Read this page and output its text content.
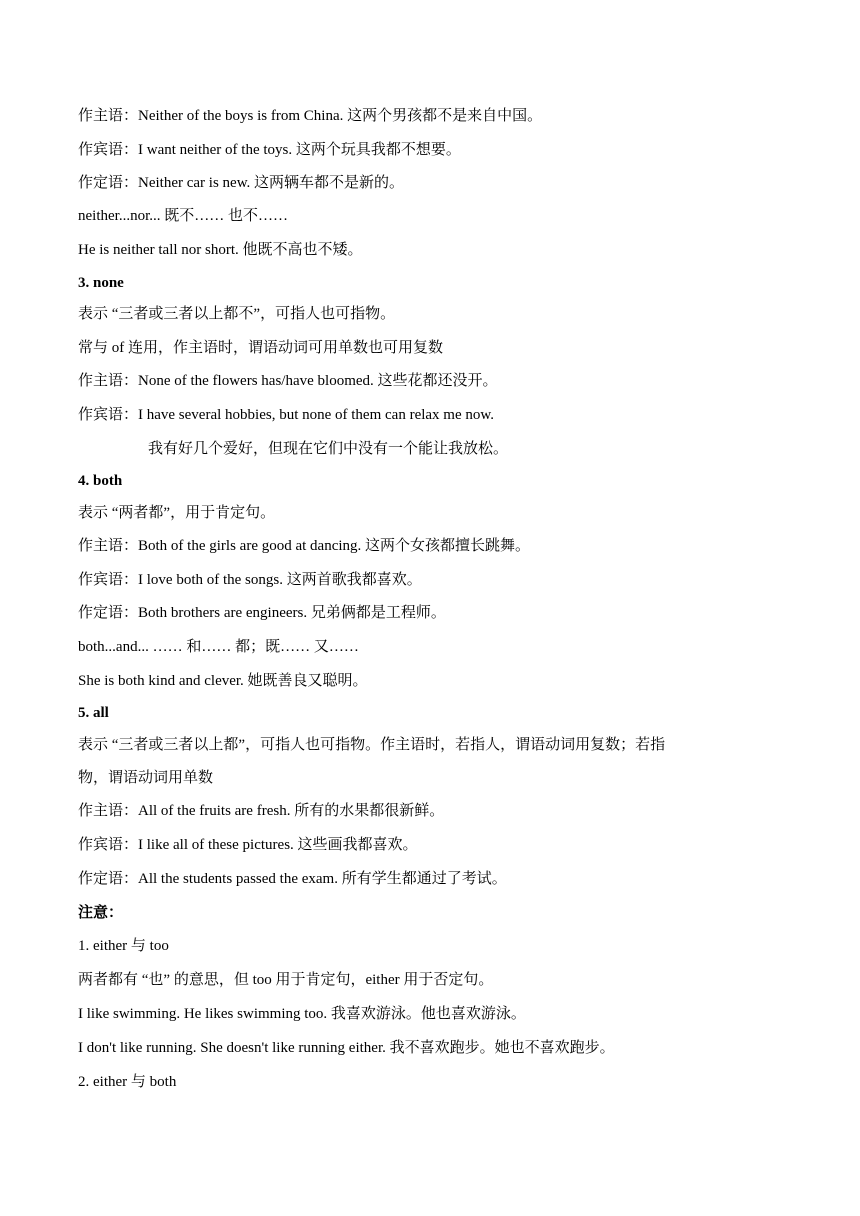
作主语：Neither of the boys is from China. 这两个男孩都不是来自中国。
作宾语：I want neither of the toys. 这两个玩具我都不想要。
作定语：Neither car is new. 这两辆车都不是新的。
neither...nor... 既不…… 也不……
He is neither tall nor short. 他既不高也不矮。
3. none
表示 “三者或三者以上都不”，可指人也可指物。
常与 of 连用，作主语时，谓语动词可用单数也可用复数
作主语：None of the flowers has/have bloomed. 这些花都还没开。
作宾语：I have several hobbies, but none of them can relax me now.
我有好几个爱好，但现在它们中没有一个能让我放松。
4. both
表示 “两者都”，用于肯定句。
作主语：Both of the girls are good at dancing. 这两个女孩都擅长跳舞。
作宾语：I love both of the songs. 这两首歌我都喜欢。
作定语：Both brothers are engineers. 兄弟俩都是工程师。
both...and... …… 和…… 都；既…… 又……
She is both kind and clever. 她既善良又聪明。
5. all
表示 “三者或三者以上都”，可指人也可指物。作主语时，若指人，谓语动词用复数；若指
物，谓语动词用单数
作主语：All of the fruits are fresh. 所有的水果都很新鲜。
作宾语：I like all of these pictures. 这些画我都喜欢。
作定语：All the students passed the exam. 所有学生都通过了考试。
注意：
1. either 与 too
两者都有 “也” 的意思，但 too 用于肯定句，either 用于否定句。
I like swimming. He likes swimming too. 我喜欢游泳。他也喜欢游泳。
I don't like running. She doesn't like running either. 我不喜欢跑步。她也不喜欢跑步。
2. either 与 both
